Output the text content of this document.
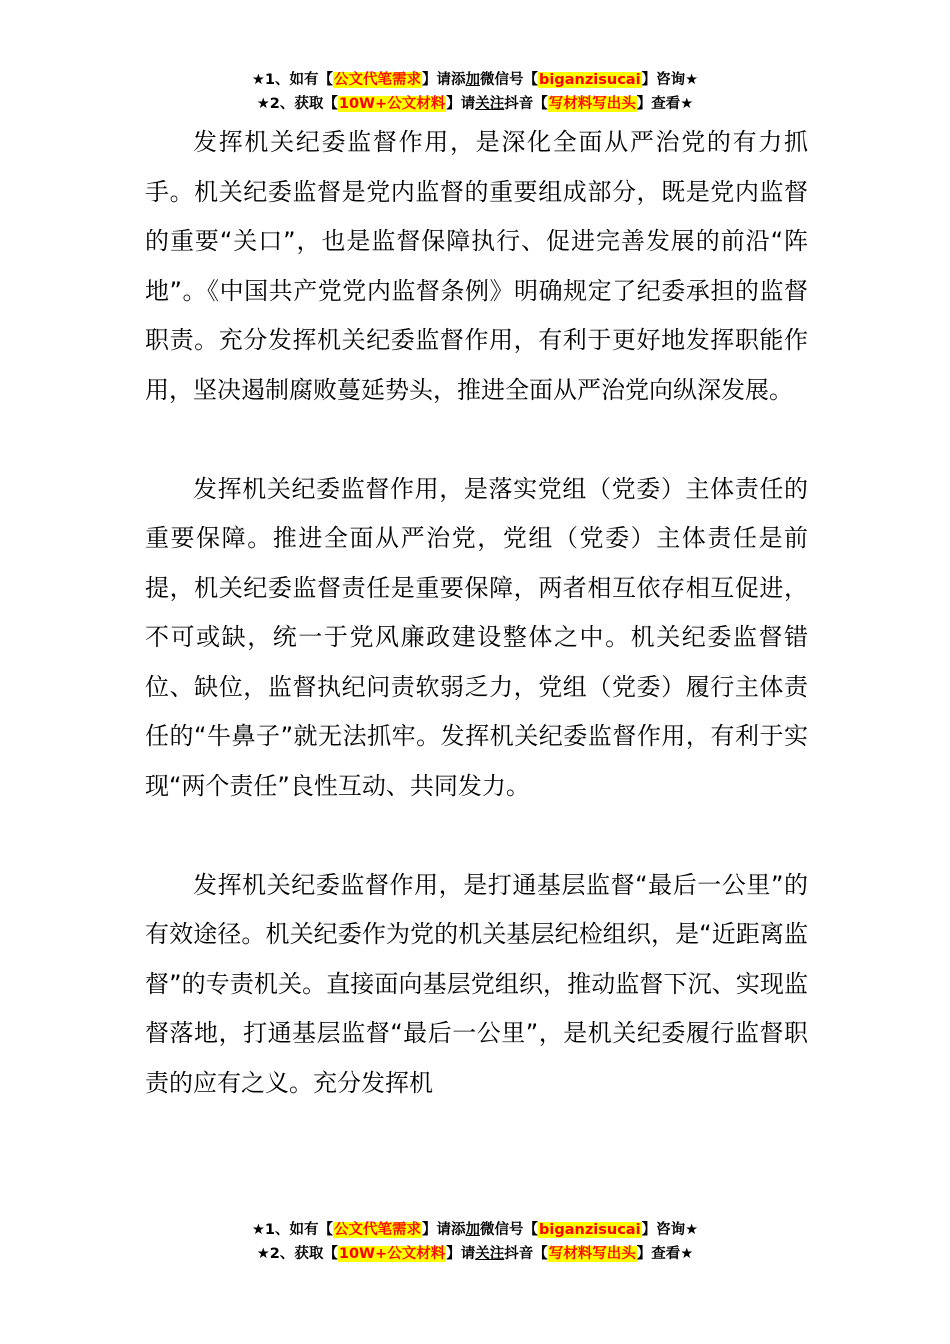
★1、如有【公文代笔需求】请添加微信号【biganzisucai】咨询★
★2、获取【10W+公文材料】请关注抖音【写材料写出头】查看★

发挥机关纪委监督作用，是深化全面从严治党的有力抓手。机关纪委监督是党内监督的重要组成部分，既是党内监督的重要“关口”，也是监督保障执行、促进完善发展的前沿“阵地”。《中国共产党党内监督条例》明确规定了纪委承担的监督职责。充分发挥机关纪委监督作用，有利于更好地发挥职能作用，坚决遏制腐败蔓延势头，推进全面从严治党向纵深发展。

发挥机关纪委监督作用，是落实党组（党委）主体责任的重要保障。推进全面从严治党，党组（党委）主体责任是前提，机关纪委监督责任是重要保障，两者相互依存相互促进，不可或缺，统一于党风廉政建设整体之中。机关纪委监督错位、缺位，监督执纪问责软弱乏力，党组（党委）履行主体责任的“牛鼻子”就无法抓牢。发挥机关纪委监督作用，有利于实现“两个责任”良性互动、共同发力。

发挥机关纪委监督作用，是打通基层监督“最后一公里”的有效途径。机关纪委作为党的机关基层纪检组织，是“近距离监督”的专责机关。直接面向基层党组织，推动监督下沉、实现监督落地，打通基层监督“最后一公里”，是机关纪委履行监督职责的应有之义。充分发挥机

★1、如有【公文代笔需求】请添加微信号【biganzisucai】咨询★
★2、获取【10W+公文材料】请关注抖音【写材料写出头】查看★
